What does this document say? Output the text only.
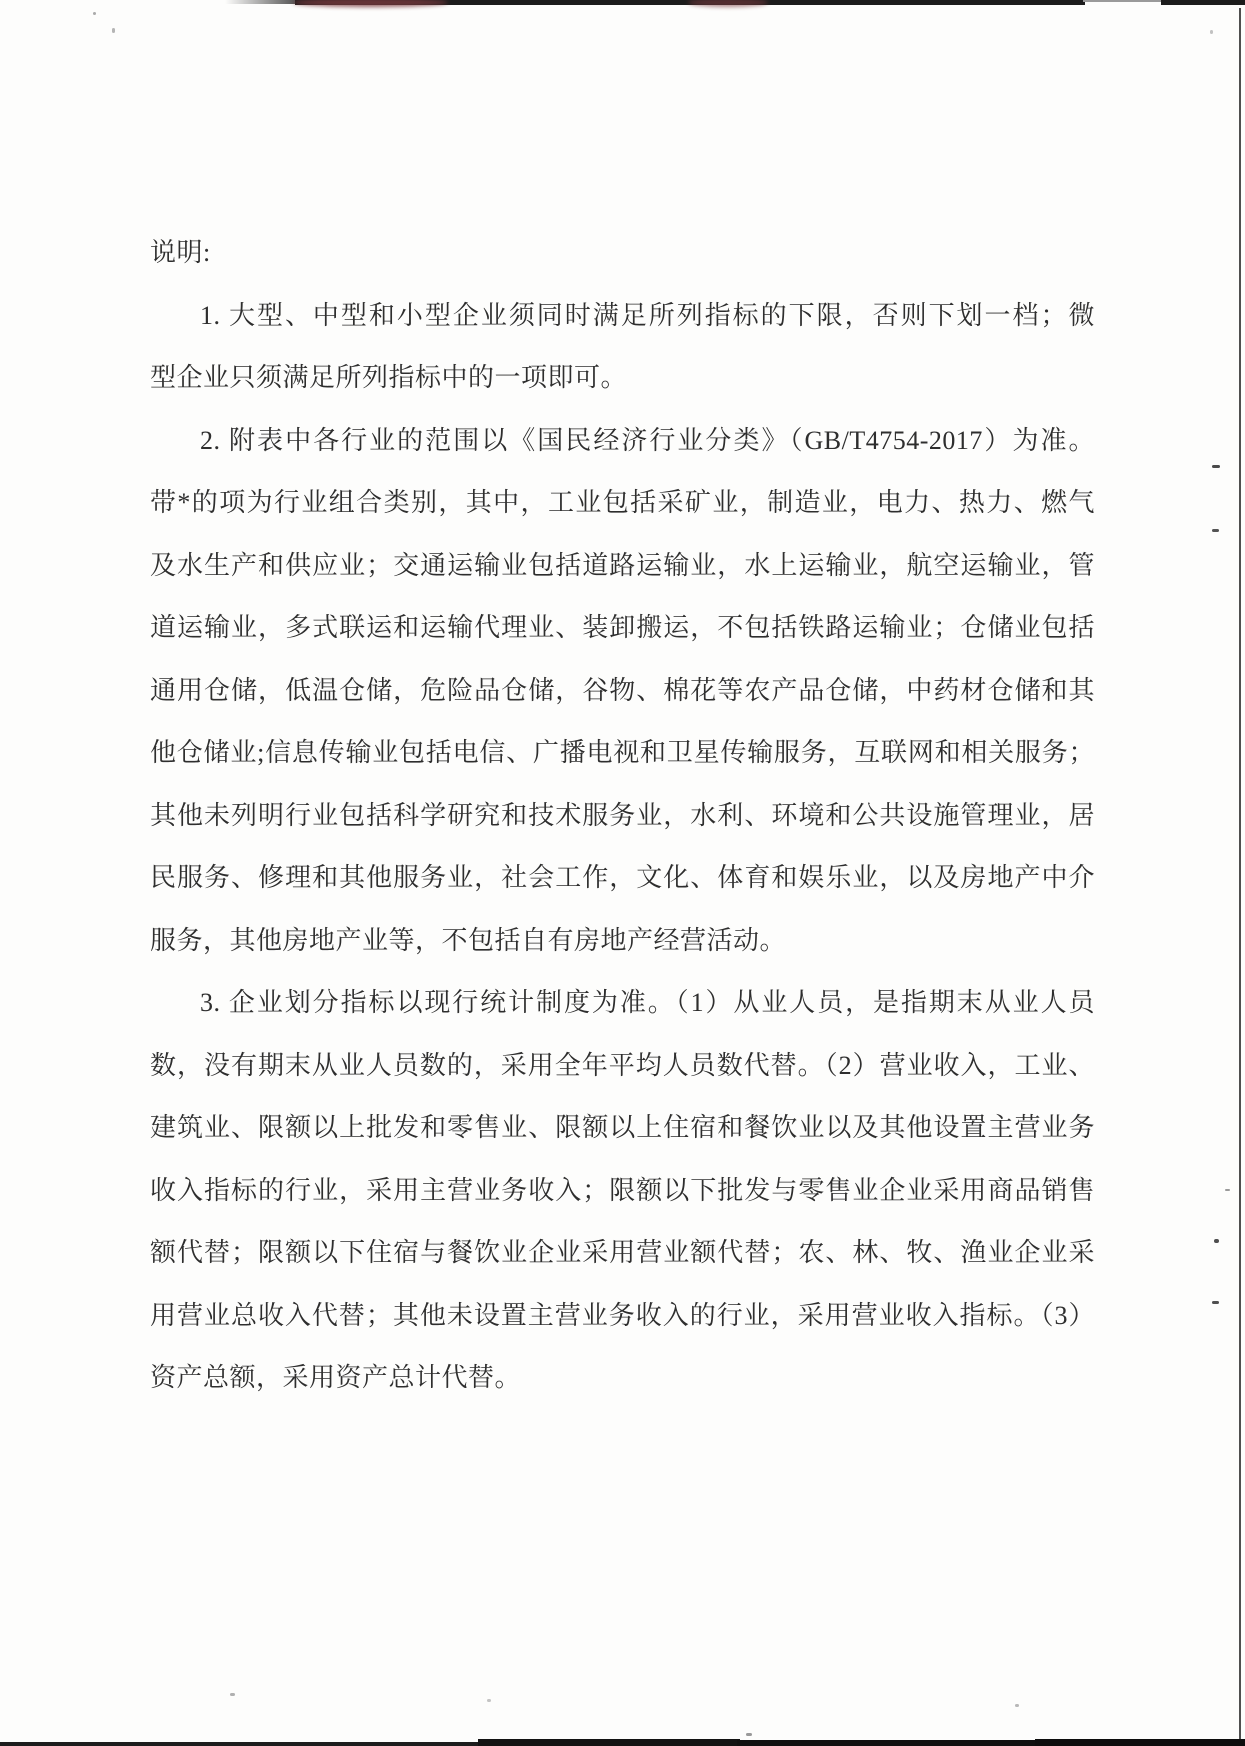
说明:
1. 大型、中型和小型企业须同时满足所列指标的下限，否则下划一档；微
型企业只须满足所列指标中的一项即可。
2. 附表中各行业的范围以《国民经济行业分类》（GB/T4754-2017）为准。
带*的项为行业组合类别，其中，工业包括采矿业，制造业，电力、热力、燃气
及水生产和供应业；交通运输业包括道路运输业，水上运输业，航空运输业，管
道运输业，多式联运和运输代理业、装卸搬运，不包括铁路运输业；仓储业包括
通用仓储，低温仓储，危险品仓储，谷物、棉花等农产品仓储，中药材仓储和其
他仓储业;信息传输业包括电信、广播电视和卫星传输服务，互联网和相关服务；
其他未列明行业包括科学研究和技术服务业，水利、环境和公共设施管理业，居
民服务、修理和其他服务业，社会工作，文化、体育和娱乐业，以及房地产中介
服务，其他房地产业等，不包括自有房地产经营活动。
3. 企业划分指标以现行统计制度为准。（1）从业人员，是指期末从业人员
数，没有期末从业人员数的，采用全年平均人员数代替。（2）营业收入，工业、
建筑业、限额以上批发和零售业、限额以上住宿和餐饮业以及其他设置主营业务
收入指标的行业，采用主营业务收入；限额以下批发与零售业企业采用商品销售
额代替；限额以下住宿与餐饮业企业采用营业额代替；农、林、牧、渔业企业采
用营业总收入代替；其他未设置主营业务收入的行业，采用营业收入指标。（3）
资产总额，采用资产总计代替。
